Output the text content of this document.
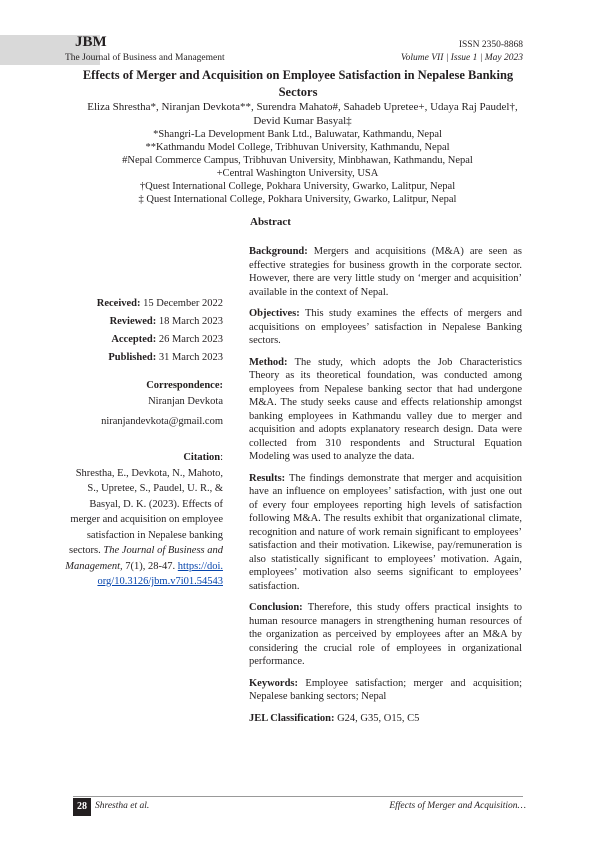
JBM
The Journal of Business and Management
ISSN 2350-8868
Volume VII | Issue 1 | May 2023
Effects of Merger and Acquisition on Employee Satisfaction in Nepalese Banking Sectors
Eliza Shrestha*, Niranjan Devkota**, Surendra Mahato#, Sahadeb Upretee+, Udaya Raj Paudel†, Devid Kumar Basyal‡
*Shangri-La Development Bank Ltd., Baluwatar, Kathmandu, Nepal
**Kathmandu Model College, Tribhuvan University, Kathmandu, Nepal
#Nepal Commerce Campus, Tribhuvan University, Minbhawan, Kathmandu, Nepal
+Central Washington University, USA
†Quest International College, Pokhara University, Gwarko, Lalitpur, Nepal
‡ Quest International College, Pokhara University, Gwarko, Lalitpur, Nepal
Abstract
Received: 15 December 2022
Reviewed: 18 March 2023
Accepted: 26 March 2023
Published: 31 March 2023
Correspondence:
Niranjan Devkota
niranjandevkota@gmail.com
Citation:
Shrestha, E., Devkota, N., Mahoto, S., Upretee, S., Paudel, U. R., & Basyal, D. K. (2023). Effects of merger and acquisition on employee satisfaction in Nepalese banking sectors. The Journal of Business and Management, 7(1), 28-47. https://doi.org/10.3126/jbm.v7i01.54543

Background: Mergers and acquisitions (M&A) are seen as effective strategies for business growth in the corporate sector. However, there are very little study on ‘merger and acquisition’ available in the context of Nepal.

Objectives: This study examines the effects of mergers and acquisitions on employees’ satisfaction in Nepalese Banking sectors.

Method: The study, which adopts the Job Characteristics Theory as its theoretical foundation, was conducted among employees from Nepalese banking sector that had undergone M&A. The study seeks cause and effects relationship amongst banking employees in Kathmandu valley due to merger and acquisition and adopts explanatory research design. Data were collected from 310 respondents and Structural Equation Modeling was used to analyze the data.

Results: The findings demonstrate that merger and acquisition have an influence on employees’ satisfaction, with just one out of every four employees reporting high levels of satisfaction following M&A. The results exhibit that organizational climate, recognition and nature of work remain significant to employees’ satisfaction and their motivation. Likewise, pay/remuneration is also statistically significant to employees’ motivation. Again, employees’ motivation also seems significant to employees’ satisfaction.

Conclusion: Therefore, this study offers practical insights to human resource managers in strengthening human resources of the organization as perceived by employees after an M&A by considering the crucial role of employees in organizational performance.

Keywords: Employee satisfaction; merger and acquisition; Nepalese banking sectors; Nepal

JEL Classification: G24, G35, O15, C5

28 Shrestha et al.	Effects of Merger and Acquisition…
